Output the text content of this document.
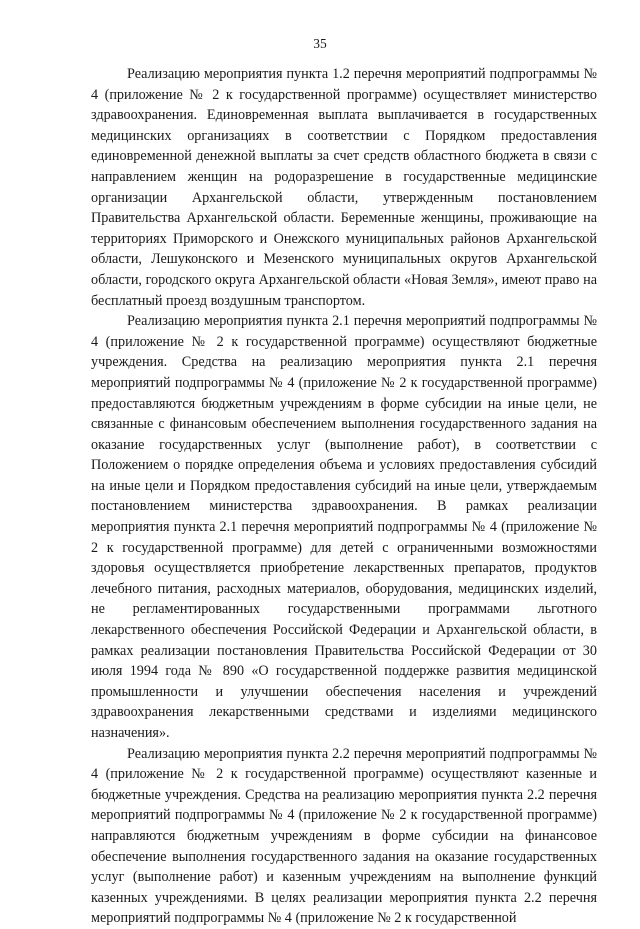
35

Реализацию мероприятия пункта 1.2 перечня мероприятий подпрограммы № 4 (приложение № 2 к государственной программе) осуществляет министерство здравоохранения. Единовременная выплата выплачивается в государственных медицинских организациях в соответствии с Порядком предоставления единовременной денежной выплаты за счет средств областного бюджета в связи с направлением женщин на родоразрешение в государственные медицинские организации Архангельской области, утвержденным постановлением Правительства Архангельской области. Беременные женщины, проживающие на территориях Приморского и Онежского муниципальных районов Архангельской области, Лешуконского и Мезенского муниципальных округов Архангельской области, городского округа Архангельской области «Новая Земля», имеют право на бесплатный проезд воздушным транспортом.

Реализацию мероприятия пункта 2.1 перечня мероприятий подпрограммы № 4 (приложение № 2 к государственной программе) осуществляют бюджетные учреждения. Средства на реализацию мероприятия пункта 2.1 перечня мероприятий подпрограммы № 4 (приложение № 2 к государственной программе) предоставляются бюджетным учреждениям в форме субсидии на иные цели, не связанные с финансовым обеспечением выполнения государственного задания на оказание государственных услуг (выполнение работ), в соответствии с Положением о порядке определения объема и условиях предоставления субсидий на иные цели и Порядком предоставления субсидий на иные цели, утверждаемым постановлением министерства здравоохранения. В рамках реализации мероприятия пункта 2.1 перечня мероприятий подпрограммы № 4 (приложение № 2 к государственной программе) для детей с ограниченными возможностями здоровья осуществляется приобретение лекарственных препаратов, продуктов лечебного питания, расходных материалов, оборудования, медицинских изделий, не регламентированных государственными программами льготного лекарственного обеспечения Российской Федерации и Архангельской области, в рамках реализации постановления Правительства Российской Федерации от 30 июля 1994 года № 890 «О государственной поддержке развития медицинской промышленности и улучшении обеспечения населения и учреждений здравоохранения лекарственными средствами и изделиями медицинского назначения».

Реализацию мероприятия пункта 2.2 перечня мероприятий подпрограммы № 4 (приложение № 2 к государственной программе) осуществляют казенные и бюджетные учреждения. Средства на реализацию мероприятия пункта 2.2 перечня мероприятий подпрограммы № 4 (приложение № 2 к государственной программе) направляются бюджетным учреждениям в форме субсидии на финансовое обеспечение выполнения государственного задания на оказание государственных услуг (выполнение работ) и казенным учреждениям на выполнение функций казенных учреждениями. В целях реализации мероприятия пункта 2.2 перечня мероприятий подпрограммы № 4 (приложение № 2 к государственной
